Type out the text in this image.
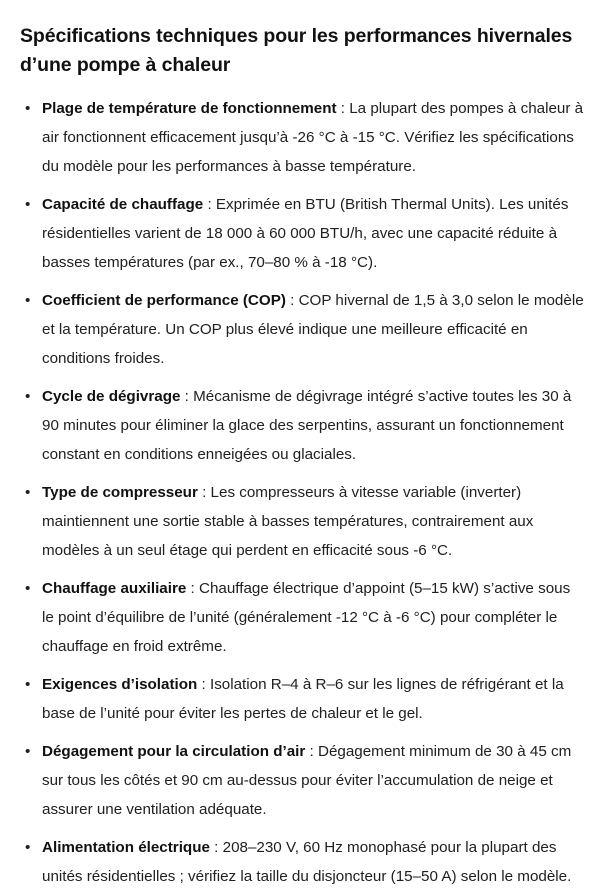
Spécifications techniques pour les performances hivernales d’une pompe à chaleur
• Plage de température de fonctionnement : La plupart des pompes à chaleur à air fonctionnent efficacement jusqu’à -26 °C à -15 °C. Vérifiez les spécifications du modèle pour les performances à basse température.
• Capacité de chauffage : Exprimée en BTU (British Thermal Units). Les unités résidentielles varient de 18 000 à 60 000 BTU/h, avec une capacité réduite à basses températures (par ex., 70–80 % à -18 °C).
• Coefficient de performance (COP) : COP hivernal de 1,5 à 3,0 selon le modèle et la température. Un COP plus élevé indique une meilleure efficacité en conditions froides.
• Cycle de dégivrage : Mécanisme de dégivrage intégré s’active toutes les 30 à 90 minutes pour éliminer la glace des serpentins, assurant un fonctionnement constant en conditions enneigées ou glaciales.
• Type de compresseur : Les compresseurs à vitesse variable (inverter) maintiennent une sortie stable à basses températures, contrairement aux modèles à un seul étage qui perdent en efficacité sous -6 °C.
• Chauffage auxiliaire : Chauffage électrique d’appoint (5–15 kW) s’active sous le point d’équilibre de l’unité (généralement -12 °C à -6 °C) pour compléter le chauffage en froid extrême.
• Exigences d’isolation : Isolation R–4 à R–6 sur les lignes de réfrigérant et la base de l’unité pour éviter les pertes de chaleur et le gel.
• Dégagement pour la circulation d’air : Dégagement minimum de 30 à 45 cm sur tous les côtés et 90 cm au-dessus pour éviter l’accumulation de neige et assurer une ventilation adéquate.
• Alimentation électrique : 208–230 V, 60 Hz monophasé pour la plupart des unités résidentielles ; vérifiez la taille du disjoncteur (15–50 A) selon le modèle.
